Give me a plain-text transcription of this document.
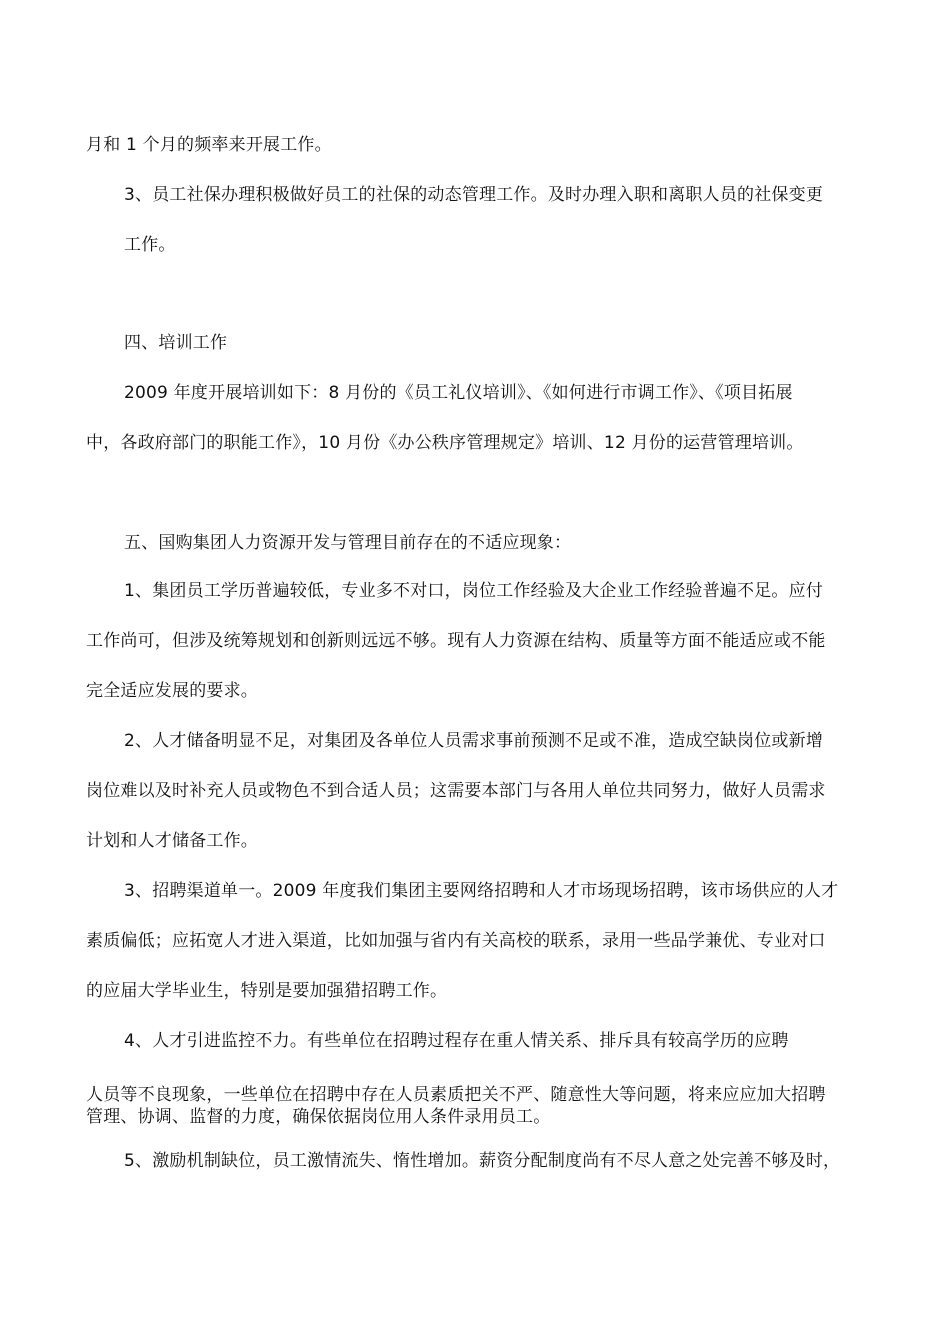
月和 1 个月的频率来开展工作。
3、员工社保办理积极做好员工的社保的动态管理工作。及时办理入职和离职人员的社保变更
工作。
四、培训工作
2009 年度开展培训如下：8 月份的《员工礼仪培训》、《如何进行市调工作》、《项目拓展
中，各政府部门的职能工作》，10 月份《办公秩序管理规定》培训、12 月份的运营管理培训。
五、国购集团人力资源开发与管理目前存在的不适应现象：
1、集团员工学历普遍较低，专业多不对口，岗位工作经验及大企业工作经验普遍不足。应付
工作尚可，但涉及统筹规划和创新则远远不够。现有人力资源在结构、质量等方面不能适应或不能
完全适应发展的要求。
2、人才储备明显不足，对集团及各单位人员需求事前预测不足或不准，造成空缺岗位或新增
岗位难以及时补充人员或物色不到合适人员；这需要本部门与各用人单位共同努力，做好人员需求
计划和人才储备工作。
3、招聘渠道单一。2009 年度我们集团主要网络招聘和人才市场现场招聘，该市场供应的人才
素质偏低；应拓宽人才进入渠道，比如加强与省内有关高校的联系，录用一些品学兼优、专业对口
的应届大学毕业生，特别是要加强猎招聘工作。
4、人才引进监控不力。有些单位在招聘过程存在重人情关系、排斥具有较高学历的应聘
人员等不良现象，一些单位在招聘中存在人员素质把关不严、随意性大等问题，将来应应加大招聘
管理、协调、监督的力度，确保依据岗位用人条件录用员工。
5、激励机制缺位，员工激情流失、惰性增加。薪资分配制度尚有不尽人意之处完善不够及时，
